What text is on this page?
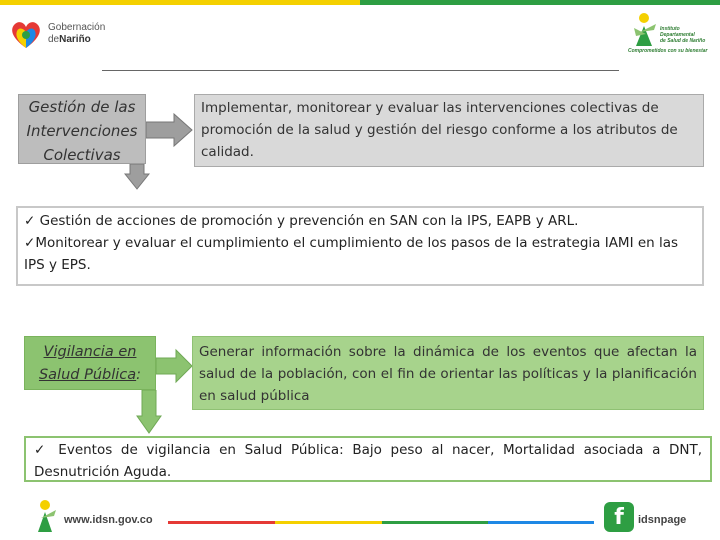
Gobernación
deNariño
Instituto
Departamental
de Salud de Nariño
Comprometidos con su bienestar
Gestión de las
Intervenciones
Colectivas
Implementar, monitorear y evaluar las intervenciones colectivas de promoción de la salud y gestión del riesgo conforme a los atributos de calidad.
✓ Gestión de acciones de promoción y prevención en SAN con la IPS, EAPB y ARL.
✓Monitorear y evaluar el cumplimiento el cumplimiento de los pasos de la estrategia IAMI en las IPS y EPS.
Vigilancia en
Salud Pública:
Generar información sobre la dinámica de los eventos que afectan la salud de la población, con el fin de orientar las políticas y la planificación en salud pública
✓ Eventos de vigilancia en Salud Pública: Bajo peso al nacer, Mortalidad asociada a DNT, Desnutrición Aguda.
www.idsn.gov.co	f	idsnpage
